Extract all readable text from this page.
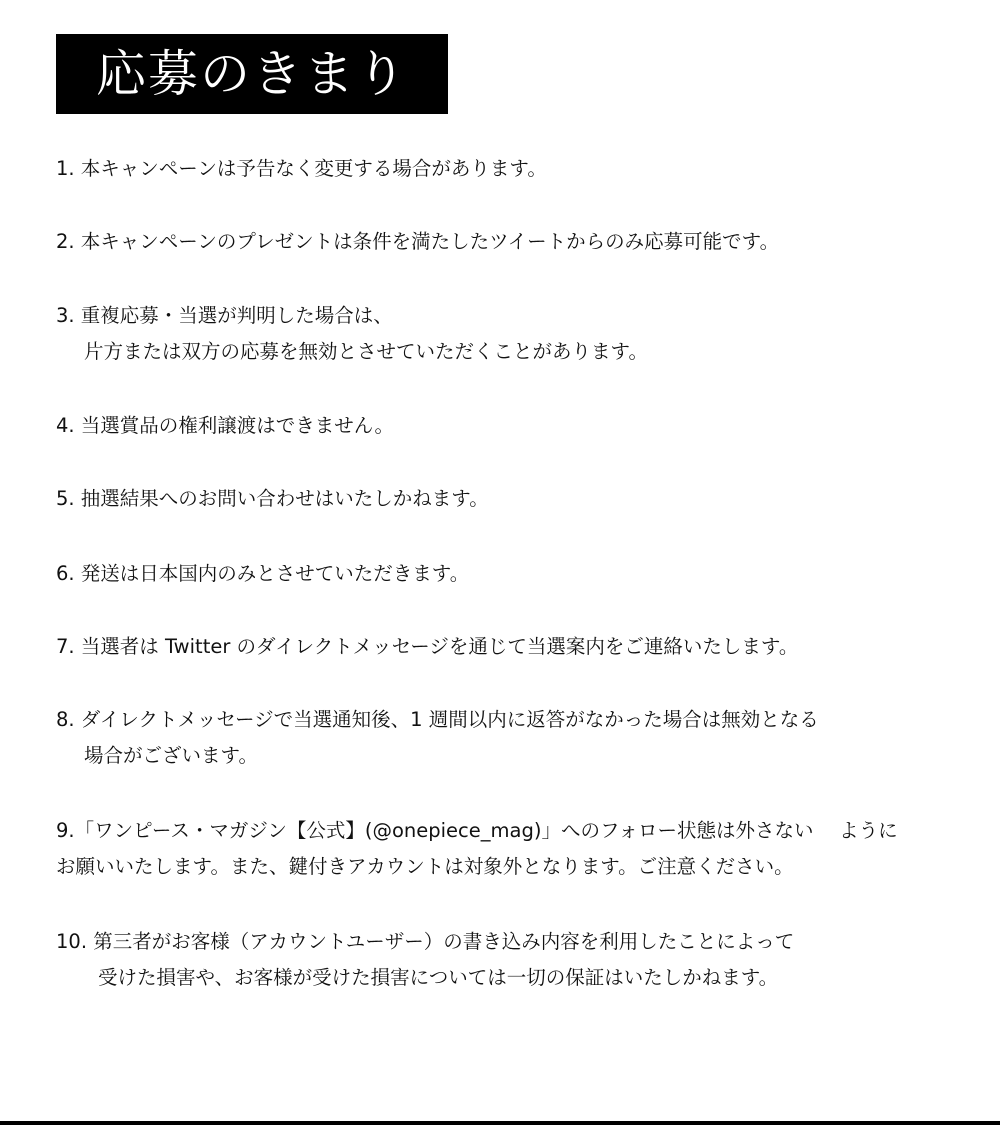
応募のきまり
1. 本キャンペーンは予告なく変更する場合があります。
2. 本キャンペーンのプレゼントは条件を満たしたツイートからのみ応募可能です。
3. 重複応募・当選が判明した場合は、
片方または双方の応募を無効とさせていただくことがあります。
4. 当選賞品の権利譲渡はできません。
5. 抽選結果へのお問い合わせはいたしかねます。
6. 発送は日本国内のみとさせていただきます。
7. 当選者は Twitter のダイレクトメッセージを通じて当選案内をご連絡いたします。
8. ダイレクトメッセージで当選通知後、1 週間以内に返答がなかった場合は無効となる
場合がございます。
9.「ワンピース・マガジン【公式】(@onepiece_mag)」へのフォロー状態は外さない　 ように
お願いいたします。また、鍵付きアカウントは対象外となります。ご注意ください。
10. 第三者がお客様（アカウントユーザー）の書き込み内容を利用したことによって
受けた損害や、お客様が受けた損害については一切の保証はいたしかねます。
